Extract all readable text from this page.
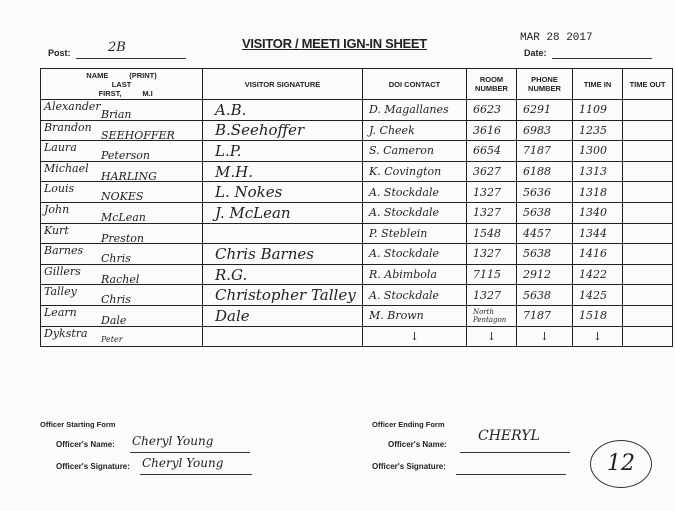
Post:	2B	VISITOR / MEETI IGN-IN SHEET	MAR 28 2017
Date:
NAME (PRINT)
LAST
FIRST, M.I	VISITOR SIGNATURE	DOI CONTACT	ROOM NUMBER	PHONE NUMBER	TIME IN	TIME OUT

Alexander
Brian	A.B.	D. Magallanes	6623	6291	1109	

Brandon
SEEHOFFER	B.Seehoffer	J. Cheek	3616	6983	1235	

Laura
Peterson	L.P.	S. Cameron	6654	7187	1300	

Michael
HARLING	M.H.	K. Covington	3627	6188	1313	

Louis
NOKES	L. Nokes	A. Stockdale	1327	5636	1318	

John
McLean	J. McLean	A. Stockdale	1327	5638	1340	

Kurt
Preston		P. Steblein	1548	4457	1344	

Barnes
Chris	Chris Barnes	A. Stockdale	1327	5638	1416	

Gillers
Rachel	R.G.	R. Abimbola	7115	2912	1422	

Talley
Chris	Christopher Talley	A. Stockdale	1327	5638	1425	

Learn
Dale	Dale	M. Brown	North Pentagon	7187	1518	

Dykstra Peter		↓	↓	↓	↓	
Officer Starting Form
Officer's Name: Cheryl Young
Officer's Signature: Cheryl Young
Officer Ending Form
Officer's Name:
CHERYL
Officer's Signature:	12
